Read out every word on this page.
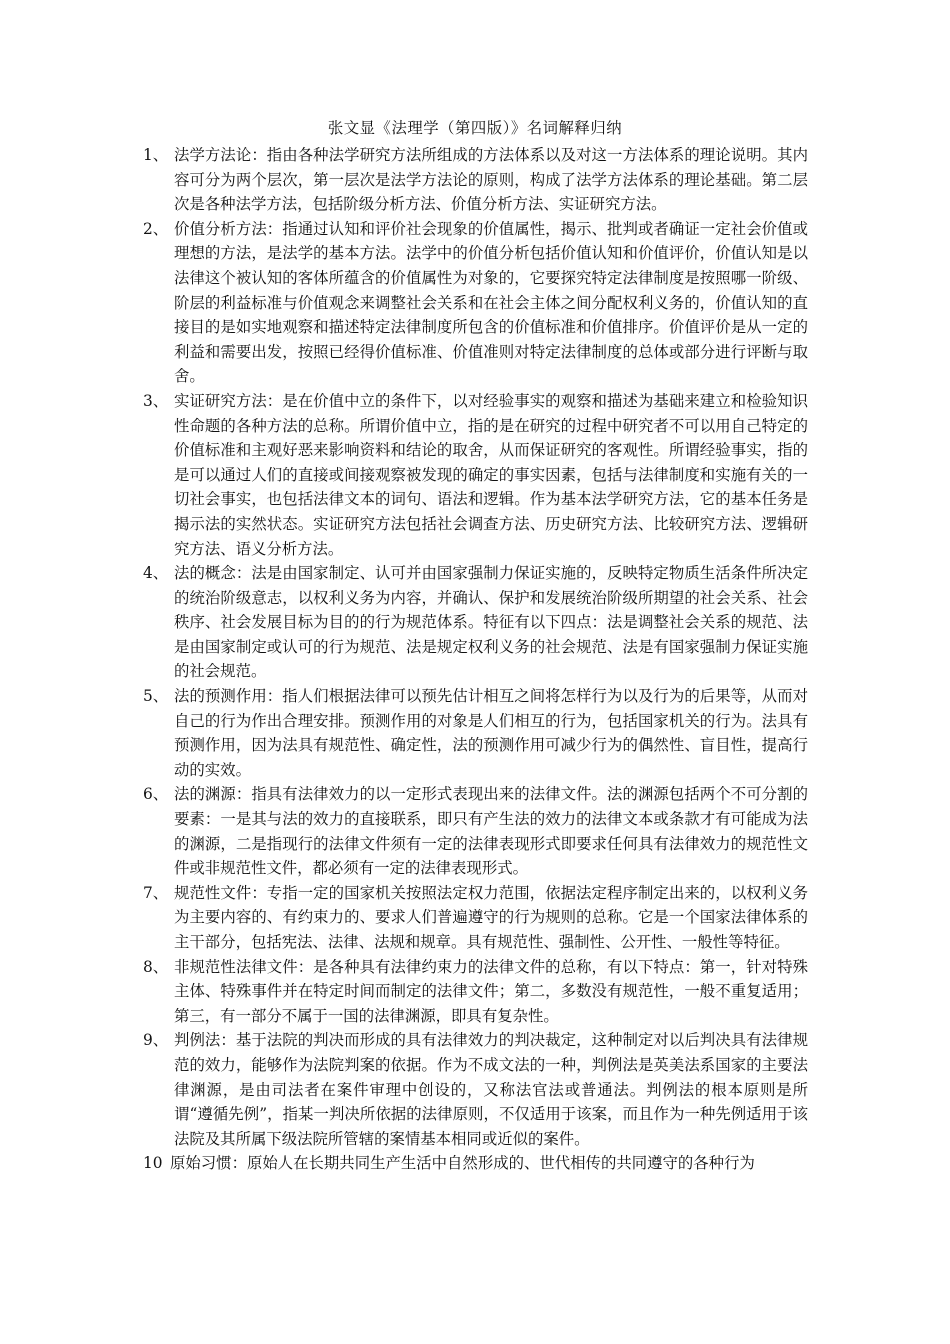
张文显《法理学（第四版）》名词解释归纳
1、 法学方法论：指由各种法学研究方法所组成的方法体系以及对这一方法体系的理论说明。其内容可分为两个层次，第一层次是法学方法论的原则，构成了法学方法体系的理论基础。第二层次是各种法学方法，包括阶级分析方法、价值分析方法、实证研究方法。
2、 价值分析方法：指通过认知和评价社会现象的价值属性，揭示、批判或者确证一定社会价值或理想的方法，是法学的基本方法。法学中的价值分析包括价值认知和价值评价，价值认知是以法律这个被认知的客体所蕴含的价值属性为对象的，它要探究特定法律制度是按照哪一阶级、阶层的利益标准与价值观念来调整社会关系和在社会主体之间分配权利义务的，价值认知的直接目的是如实地观察和描述特定法律制度所包含的价值标准和价值排序。价值评价是从一定的利益和需要出发，按照已经得价值标准、价值准则对特定法律制度的总体或部分进行评断与取舍。
3、 实证研究方法：是在价值中立的条件下，以对经验事实的观察和描述为基础来建立和检验知识性命题的各种方法的总称。所谓价值中立，指的是在研究的过程中研究者不可以用自己特定的价值标准和主观好恶来影响资料和结论的取舍，从而保证研究的客观性。所谓经验事实，指的是可以通过人们的直接或间接观察被发现的确定的事实因素，包括与法律制度和实施有关的一切社会事实，也包括法律文本的词句、语法和逻辑。作为基本法学研究方法，它的基本任务是揭示法的实然状态。实证研究方法包括社会调查方法、历史研究方法、比较研究方法、逻辑研究方法、语义分析方法。
4、 法的概念：法是由国家制定、认可并由国家强制力保证实施的，反映特定物质生活条件所决定的统治阶级意志，以权利义务为内容，并确认、保护和发展统治阶级所期望的社会关系、社会秩序、社会发展目标为目的的行为规范体系。特征有以下四点：法是调整社会关系的规范、法是由国家制定或认可的行为规范、法是规定权利义务的社会规范、法是有国家强制力保证实施的社会规范。
5、 法的预测作用：指人们根据法律可以预先估计相互之间将怎样行为以及行为的后果等，从而对自己的行为作出合理安排。预测作用的对象是人们相互的行为，包括国家机关的行为。法具有预测作用，因为法具有规范性、确定性，法的预测作用可减少行为的偶然性、盲目性，提高行动的实效。
6、 法的渊源：指具有法律效力的以一定形式表现出来的法律文件。法的渊源包括两个不可分割的要素：一是其与法的效力的直接联系，即只有产生法的效力的法律文本或条款才有可能成为法的渊源，二是指现行的法律文件须有一定的法律表现形式即要求任何具有法律效力的规范性文件或非规范性文件，都必须有一定的法律表现形式。
7、 规范性文件：专指一定的国家机关按照法定权力范围，依据法定程序制定出来的，以权利义务为主要内容的、有约束力的、要求人们普遍遵守的行为规则的总称。它是一个国家法律体系的主干部分，包括宪法、法律、法规和规章。具有规范性、强制性、公开性、一般性等特征。
8、 非规范性法律文件：是各种具有法律约束力的法律文件的总称，有以下特点：第一，针对特殊主体、特殊事件并在特定时间而制定的法律文件；第二，多数没有规范性，一般不重复适用；第三，有一部分不属于一国的法律渊源，即具有复杂性。
9、 判例法：基于法院的判决而形成的具有法律效力的判决裁定，这种制定对以后判决具有法律规范的效力，能够作为法院判案的依据。作为不成文法的一种，判例法是英美法系国家的主要法律渊源，是由司法者在案件审理中创设的，又称法官法或普通法。判例法的根本原则是所谓“遵循先例”，指某一判决所依据的法律原则，不仅适用于该案，而且作为一种先例适用于该法院及其所属下级法院所管辖的案情基本相同或近似的案件。
10 原始习惯：原始人在长期共同生产生活中自然形成的、世代相传的共同遵守的各种行为
